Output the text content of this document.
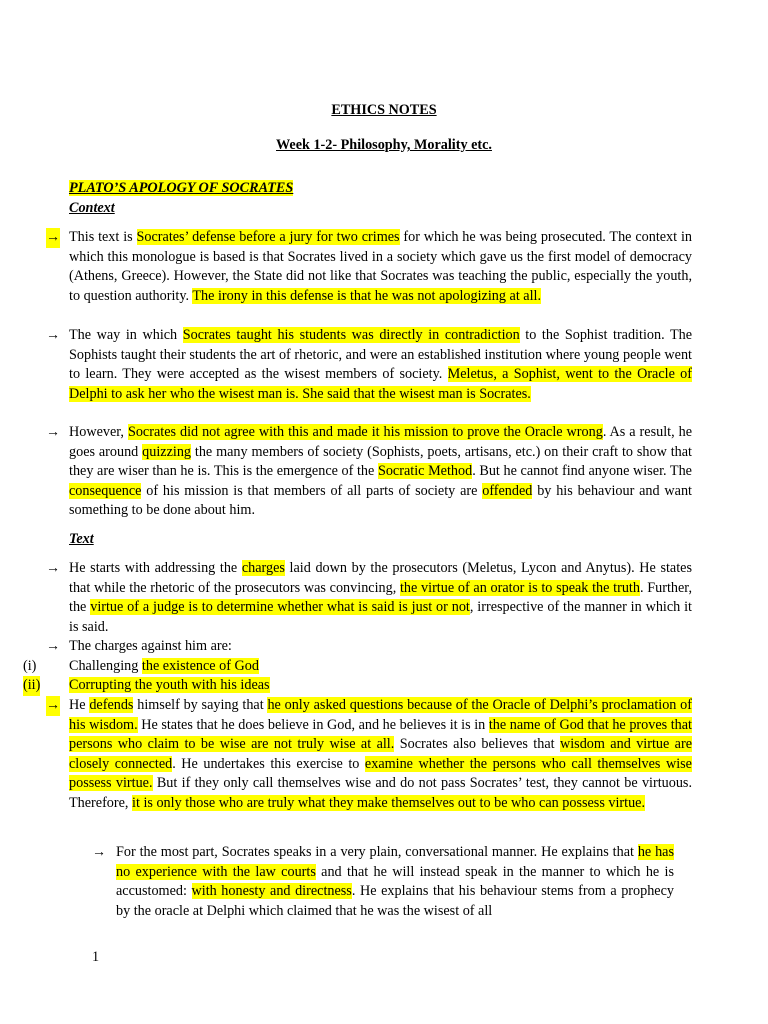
ETHICS NOTES
Week 1-2- Philosophy, Morality etc.
PLATO’S APOLOGY OF SOCRATES
Context
→ This text is Socrates’ defense before a jury for two crimes for which he was being prosecuted. The context in which this monologue is based is that Socrates lived in a society which gave us the first model of democracy (Athens, Greece). However, the State did not like that Socrates was teaching the public, especially the youth, to question authority. The irony in this defense is that he was not apologizing at all.
→ The way in which Socrates taught his students was directly in contradiction to the Sophist tradition. The Sophists taught their students the art of rhetoric, and were an established institution where young people went to learn. They were accepted as the wisest members of society. Meletus, a Sophist, went to the Oracle of Delphi to ask her who the wisest man is. She said that the wisest man is Socrates.
→ However, Socrates did not agree with this and made it his mission to prove the Oracle wrong. As a result, he goes around quizzing the many members of society (Sophists, poets, artisans, etc.) on their craft to show that they are wiser than he is. This is the emergence of the Socratic Method. But he cannot find anyone wiser. The consequence of his mission is that members of all parts of society are offended by his behaviour and want something to be done about him.
Text
→ He starts with addressing the charges laid down by the prosecutors (Meletus, Lycon and Anytus). He states that while the rhetoric of the prosecutors was convincing, the virtue of an orator is to speak the truth. Further, the virtue of a judge is to determine whether what is said is just or not, irrespective of the manner in which it is said.
→ The charges against him are:
(i) Challenging the existence of God
(ii) Corrupting the youth with his ideas
→ He defends himself by saying that he only asked questions because of the Oracle of Delphi’s proclamation of his wisdom. He states that he does believe in God, and he believes it is in the name of God that he proves that persons who claim to be wise are not truly wise at all. Socrates also believes that wisdom and virtue are closely connected. He undertakes this exercise to examine whether the persons who call themselves wise possess virtue. But if they only call themselves wise and do not pass Socrates’ test, they cannot be virtuous. Therefore, it is only those who are truly what they make themselves out to be who can possess virtue.
→ For the most part, Socrates speaks in a very plain, conversational manner. He explains that he has no experience with the law courts and that he will instead speak in the manner to which he is accustomed: with honesty and directness. He explains that his behaviour stems from a prophecy by the oracle at Delphi which claimed that he was the wisest of all
1
